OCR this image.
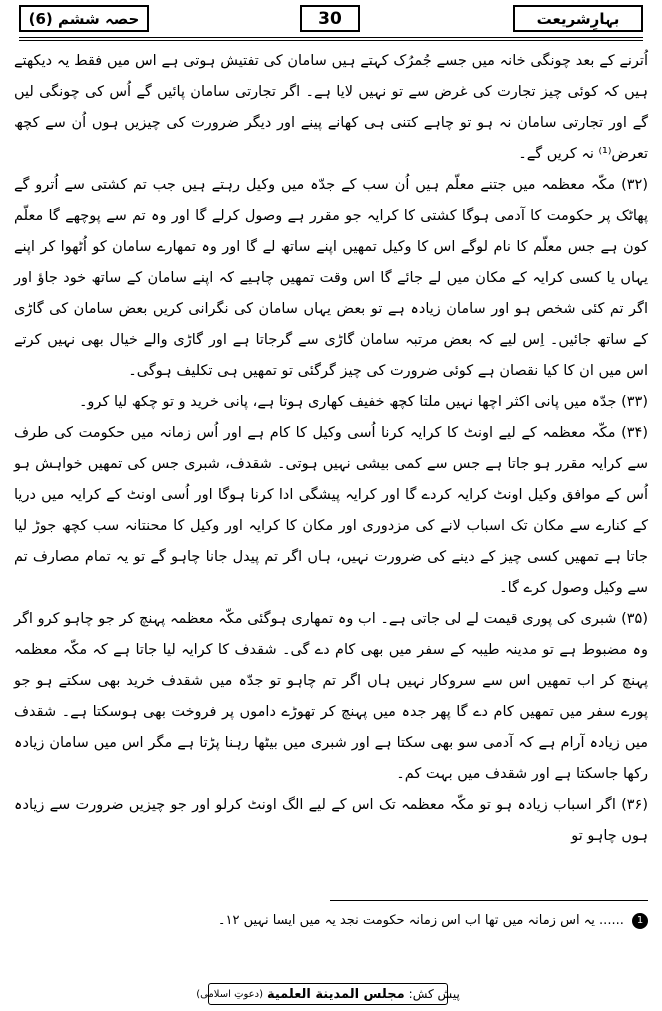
حصہ ششم (6)	30	بہارِشریعت

اُترنے کے بعد چونگی خانہ میں جسے جُمرُک کہتے ہیں سامان کی تفتیش ہوتی ہے اس میں فقط یہ دیکھتے ہیں کہ کوئی چیز تجارت کی غرض سے تو نہیں لایا ہے۔ اگر تجارتی سامان پائیں گے اُس کی چونگی لیں گے اور تجارتی سامان نہ ہو تو چاہے کتنی ہی کھانے پینے اور دیگر ضرورت کی چیزیں ہوں اُن سے کچھ تعرض⁽¹⁾ نہ کریں گے۔

(۳۲) مکّہ معظمہ میں جتنے معلّم ہیں اُن سب کے جدّہ میں وکیل رہتے ہیں جب تم کشتی سے اُترو گے پھاٹک پر حکومت کا آدمی ہوگا کشتی کا کرایہ جو مقرر ہے وصول کرلے گا اور وہ تم سے پوچھے گا معلّم کون ہے جس معلّم کا نام لوگے اس کا وکیل تمھیں اپنے ساتھ لے گا اور وہ تمھارے سامان کو اُٹھوا کر اپنے یہاں یا کسی کرایہ کے مکان میں لے جائے گا اس وقت تمھیں چاہیے کہ اپنے سامان کے ساتھ خود جاؤ اور اگر تم کئی شخص ہو اور سامان زیادہ ہے تو بعض یہاں سامان کی نگرانی کریں بعض سامان کی گاڑی کے ساتھ جائیں۔ اِس لیے کہ بعض مرتبہ سامان گاڑی سے گرجاتا ہے اور گاڑی والے خیال بھی نہیں کرتے اس میں ان کا کیا نقصان ہے کوئی ضرورت کی چیز گرگئی تو تمھیں ہی تکلیف ہوگی۔

(۳۳) جدّہ میں پانی اکثر اچھا نہیں ملتا کچھ خفیف کھاری ہوتا ہے، پانی خرید و تو چکھ لیا کرو۔

(۳۴) مکّہ معظمہ کے لیے اونٹ کا کرایہ کرنا اُسی وکیل کا کام ہے اور اُس زمانہ میں حکومت کی طرف سے کرایہ مقرر ہو جاتا ہے جس سے کمی بیشی نہیں ہوتی۔ شقدف، شبری جس کی تمھیں خواہش ہو اُس کے موافق وکیل اونٹ کرایہ کردے گا اور کرایہ پیشگی ادا کرنا ہوگا اور اُسی اونٹ کے کرایہ میں دریا کے کنارے سے مکان تک اسباب لانے کی مزدوری اور مکان کا کرایہ اور وکیل کا محنتانہ سب کچھ جوڑ لیا جاتا ہے تمھیں کسی چیز کے دینے کی ضرورت نہیں، ہاں اگر تم پیدل جانا چاہو گے تو یہ تمام مصارف تم سے وکیل وصول کرے گا۔

(۳۵) شبری کی پوری قیمت لے لی جاتی ہے۔ اب وہ تمھاری ہوگئی مکّہ معظمہ پہنچ کر جو چاہو کرو اگر وہ مضبوط ہے تو مدینہ طیبہ کے سفر میں بھی کام دے گی۔ شقدف کا کرایہ لیا جاتا ہے کہ مکّہ معظمہ پہنچ کر اب تمھیں اس سے سروکار نہیں ہاں اگر تم چاہو تو جدّہ میں شقدف خرید بھی سکتے ہو جو پورے سفر میں تمھیں کام دے گا پھر جدہ میں پہنچ کر تھوڑے داموں پر فروخت بھی ہوسکتا ہے۔ شقدف میں زیادہ آرام ہے کہ آدمی سو بھی سکتا ہے اور شبری میں بیٹھا رہنا پڑتا ہے مگر اس میں سامان زیادہ رکھا جاسکتا ہے اور شقدف میں بہت کم۔

(۳۶) اگر اسباب زیادہ ہو تو مکّہ معظمہ تک اس کے لیے الگ اونٹ کرلو اور جو چیزیں ضرورت سے زیادہ ہوں چاہو تو

1 ...... یہ اس زمانہ میں تھا اب اس زمانہ حکومت نجد یہ میں ایسا نہیں ۱۲۔
پیش کش:
مجلس المدينة العلمية
(دعوتِ اسلامی)
